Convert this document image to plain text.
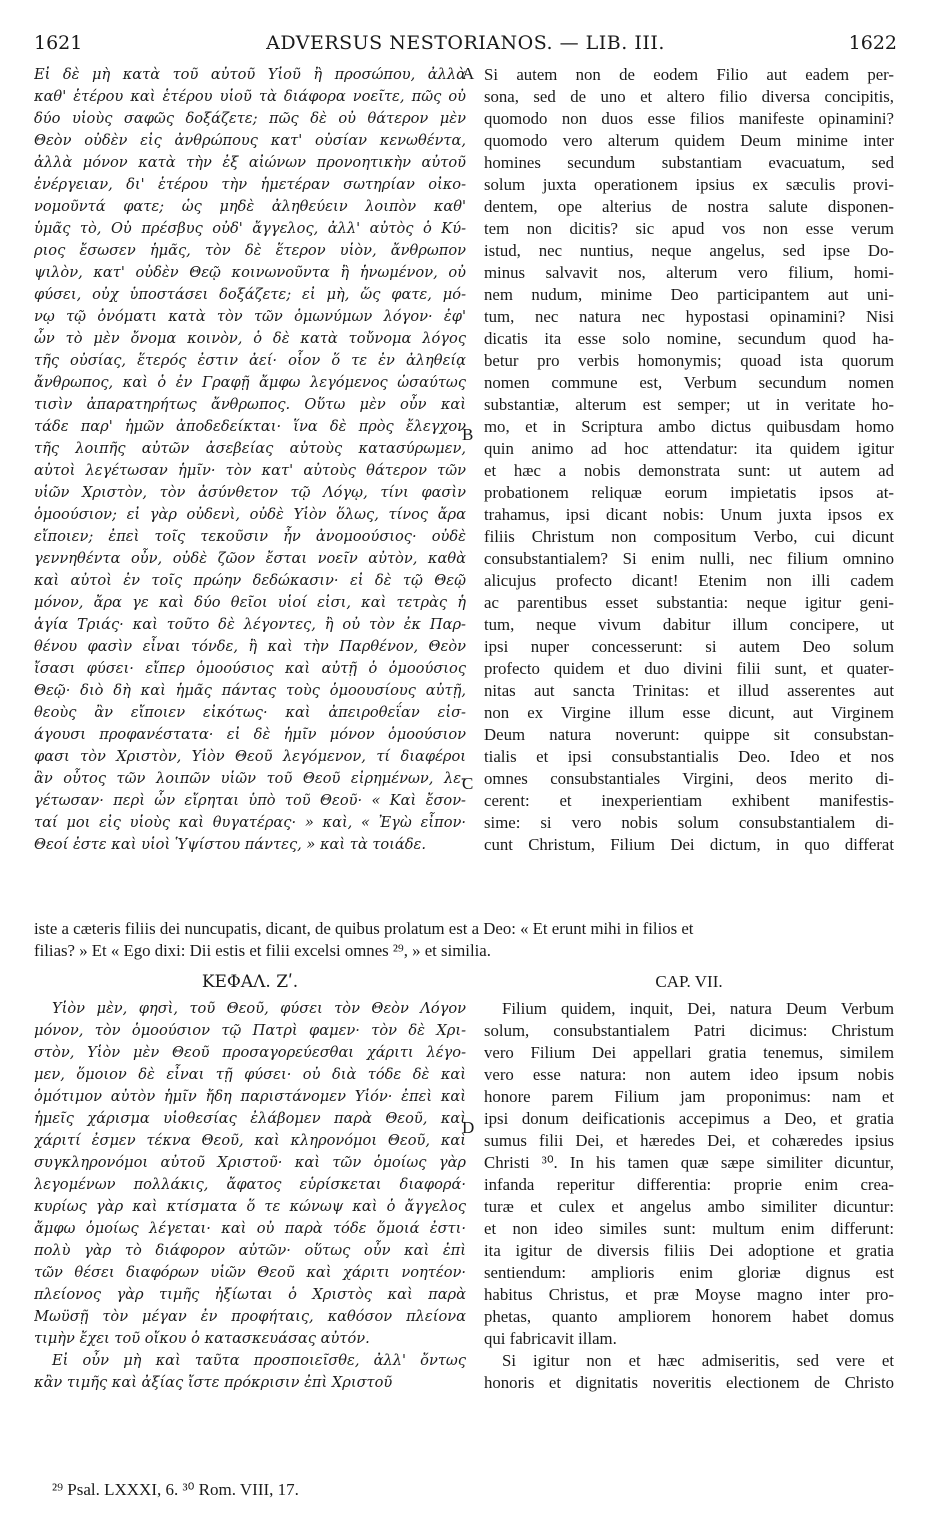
1621	ADVERSUS NESTORIANOS. — LIB. III.	1622
A
B
C
D
Εἰ δὲ μὴ κατὰ τοῦ αὐτοῦ Υἱοῦ ἢ προσώπου, ἀλλὰ
καθ' ἑτέρου καὶ ἑτέρου υἱοῦ τὰ διάφορα νοεῖτε, πῶς οὐ
δύο υἱοὺς σαφῶς δοξάζετε; πῶς δὲ οὐ θάτερον μὲν
Θεὸν οὐδὲν εἰς ἀνθρώπους κατ' οὐσίαν κενωθέντα,
ἀλλὰ μόνον κατὰ τὴν ἐξ αἰώνων προνοητικὴν αὐτοῦ
ἐνέργειαν, δι' ἑτέρου τὴν ἡμετέραν σωτηρίαν οἰκο-
νομοῦντά φατε; ὡς μηδὲ ἀληθεύειν λοιπὸν καθ'
ὑμᾶς τὸ, Οὐ πρέσβυς οὐδ' ἄγγελος, ἀλλ' αὐτὸς ὁ Κύ-
ριος ἔσωσεν ἡμᾶς, τὸν δὲ ἕτερον υἱὸν, ἄνθρωπον
ψιλὸν, κατ' οὐδὲν Θεῷ κοινωνοῦντα ἢ ἡνωμένον, οὐ
φύσει, οὐχ ὑποστάσει δοξάζετε; εἰ μὴ, ὥς φατε, μό-
νῳ τῷ ὀνόματι κατὰ τὸν τῶν ὁμωνύμων λόγον· ἐφ'
ὧν τὸ μὲν ὄνομα κοινὸν, ὁ δὲ κατὰ τοὔνομα λόγος
τῆς οὐσίας, ἕτερός ἐστιν ἀεί· οἷον ὅ τε ἐν ἀληθείᾳ
ἄνθρωπος, καὶ ὁ ἐν Γραφῇ ἄμφω λεγόμενος ὡσαύτως
τισὶν ἀπαρατηρήτως ἄνθρωπος. Οὕτω μὲν οὖν καὶ
τάδε παρ' ἡμῶν ἀποδεδείκται· ἵνα δὲ πρὸς ἔλεγχον
τῆς λοιπῆς αὐτῶν ἀσεβείας αὐτοὺς κατασύρωμεν,
αὐτοὶ λεγέτωσαν ἡμῖν· τὸν κατ' αὐτοὺς θάτερον τῶν
υἱῶν Χριστὸν, τὸν ἀσύνθετον τῷ Λόγῳ, τίνι φασὶν
ὁμοούσιον; εἰ γὰρ οὐδενὶ, οὐδὲ Υἱὸν ὅλως, τίνος ἄρα
εἴποιεν; ἐπεὶ τοῖς τεκοῦσιν ἦν ἀνομοούσιος· οὐδὲ
γεννηθέντα οὖν, οὐδὲ ζῶον ἔσται νοεῖν αὐτὸν, καθὰ
καὶ αὐτοὶ ἐν τοῖς πρώην δεδώκασιν· εἰ δὲ τῷ Θεῷ
μόνον, ἄρα γε καὶ δύο θεῖοι υἱοί εἰσι, καὶ τετρὰς ἡ
ἁγία Τριάς· καὶ τοῦτο δὲ λέγοντες, ἢ οὐ τὸν ἐκ Παρ-
θένου φασὶν εἶναι τόνδε, ἢ καὶ τὴν Παρθένον, Θεὸν
ἴσασι φύσει· εἴπερ ὁμοούσιος καὶ αὐτῇ ὁ ὁμοούσιος
Θεῷ· διὸ δὴ καὶ ἡμᾶς πάντας τοὺς ὁμοουσίους αὐτῇ,
θεοὺς ἂν εἴποιεν εἰκότως· καὶ ἀπειροθεΐαν εἰσ-
άγουσι προφανέστατα· εἰ δὲ ἡμῖν μόνον ὁμοούσιον
φασι τὸν Χριστὸν, Υἱὸν Θεοῦ λεγόμενον, τί διαφέροι
ἂν οὗτος τῶν λοιπῶν υἱῶν τοῦ Θεοῦ εἰρημένων, λε-
γέτωσαν· περὶ ὧν εἴρηται ὑπὸ τοῦ Θεοῦ· « Καὶ ἔσον-
ταί μοι εἰς υἱοὺς καὶ θυγατέρας· » καὶ, « Ἐγὼ εἶπον·
Θεοί ἐστε καὶ υἱοὶ Ὑψίστου πάντες, » καὶ τὰ τοιάδε.
Si autem non de eodem Filio aut eadem per-
sona, sed de uno et altero filio diversa concipitis,
quomodo non duos esse filios manifeste opinamini?
quomodo vero alterum quidem Deum minime inter
homines secundum substantiam evacuatum, sed
solum juxta operationem ipsius ex sæculis provi-
dentem, ope alterius de nostra salute disponen-
tem non dicitis? sic apud vos non esse verum
istud, nec nuntius, neque angelus, sed ipse Do-
minus salvavit nos, alterum vero filium, homi-
nem nudum, minime Deo participantem aut uni-
tum, nec natura nec hypostasi opinamini? Nisi
dicatis ita esse solo nomine, secundum quod ha-
betur pro verbis homonymis; quoad ista quorum
nomen commune est, Verbum secundum nomen
substantiæ, alterum est semper; ut in veritate ho-
mo, et in Scriptura ambo dictus quibusdam homo
quin animo ad hoc attendatur: ita quidem igitur
et hæc a nobis demonstrata sunt: ut autem ad
probationem reliquæ eorum impietatis ipsos at-
trahamus, ipsi dicant nobis: Unum juxta ipsos ex
filiis Christum non compositum Verbo, cui dicunt
consubstantialem? Si enim nulli, nec filium omnino
alicujus profecto dicant! Etenim non illi cadem
ac parentibus esset substantia: neque igitur geni-
tum, neque vivum dabitur illum concipere, ut
ipsi nuper concesserunt: si autem Deo solum
profecto quidem et duo divini filii sunt, et quater-
nitas aut sancta Trinitas: et illud asserentes aut
non ex Virgine illum esse dicunt, aut Virginem
Deum natura noverunt: quippe sit consubstan-
tialis et ipsi consubstantialis Deo. Ideo et nos
omnes consubstantiales Virgini, deos merito di-
cerent: et inexperientiam exhibent manifestis-
sime: si vero nobis solum consubstantialem di-
cunt Christum, Filium Dei dictum, in quo differat
iste a cæteris filiis dei nuncupatis, dicant, de quibus prolatum est a Deo: « Et erunt mihi in filios et
filias? » Et « Ego dixi: Dii estis et filii excelsi omnes ²⁹, » et similia.
ΚΕΦΑΛ. Ζʹ.	CAP. VII.
Υἱὸν μὲν, φησὶ, τοῦ Θεοῦ, φύσει τὸν Θεὸν Λόγον
μόνον, τὸν ὁμοούσιον τῷ Πατρὶ φαμεν· τὸν δὲ Χρι-
στὸν, Υἱὸν μὲν Θεοῦ προσαγορεύεσθαι χάριτι λέγο-
μεν, ὅμοιον δὲ εἶναι τῇ φύσει· οὐ διὰ τόδε δὲ καὶ
ὁμότιμον αὐτὸν ἡμῖν ἤδη παριστάνομεν Υἱόν· ἐπεὶ καὶ
ἡμεῖς χάρισμα υἱοθεσίας ἐλάβομεν παρὰ Θεοῦ, καὶ
χάριτί ἐσμεν τέκνα Θεοῦ, καὶ κληρονόμοι Θεοῦ, καὶ
συγκληρονόμοι αὐτοῦ Χριστοῦ· καὶ τῶν ὁμοίως γὰρ
λεγομένων πολλάκις, ἄφατος εὑρίσκεται διαφορά·
κυρίως γὰρ καὶ κτίσματα ὅ τε κώνωψ καὶ ὁ ἄγγελος
ἄμφω ὁμοίως λέγεται· καὶ οὐ παρὰ τόδε ὅμοιά ἐστι·
πολὺ γὰρ τὸ διάφορον αὐτῶν· οὕτως οὖν καὶ ἐπὶ
τῶν θέσει διαφόρων υἱῶν Θεοῦ καὶ χάριτι νοητέον·
πλείονος γὰρ τιμῆς ἠξίωται ὁ Χριστὸς καὶ παρὰ
Μωϋσῇ τὸν μέγαν ἐν προφήταις, καθόσον πλείονα
τιμὴν ἔχει τοῦ οἴκου ὁ κατασκευάσας αὐτόν.
Εἰ οὖν μὴ καὶ ταῦτα προσποιεῖσθε, ἀλλ' ὄντως
κἂν τιμῆς καὶ ἀξίας ἴστε πρόκρισιν ἐπὶ Χριστοῦ
Filium quidem, inquit, Dei, natura Deum Verbum
solum, consubstantialem Patri dicimus: Christum
vero Filium Dei appellari gratia tenemus, similem
vero esse natura: non autem ideo ipsum nobis
honore parem Filium jam proponimus: nam et
ipsi donum deificationis accepimus a Deo, et gratia
sumus filii Dei, et hæredes Dei, et cohæredes ipsius
Christi ³⁰. In his tamen quæ sæpe similiter dicuntur,
infanda reperitur differentia: proprie enim crea-
turæ et culex et angelus ambo similiter dicuntur:
et non ideo similes sunt: multum enim differunt:
ita igitur de diversis filiis Dei adoptione et gratia
sentiendum: amplioris enim gloriæ dignus est
habitus Christus, et præ Moyse magno inter pro-
phetas, quanto ampliorem honorem habet domus
qui fabricavit illam.
Si igitur non et hæc admiseritis, sed vere et
honoris et dignitatis noveritis electionem de Christo
²⁹ Psal. LXXXI, 6. ³⁰ Rom. VIII, 17.
